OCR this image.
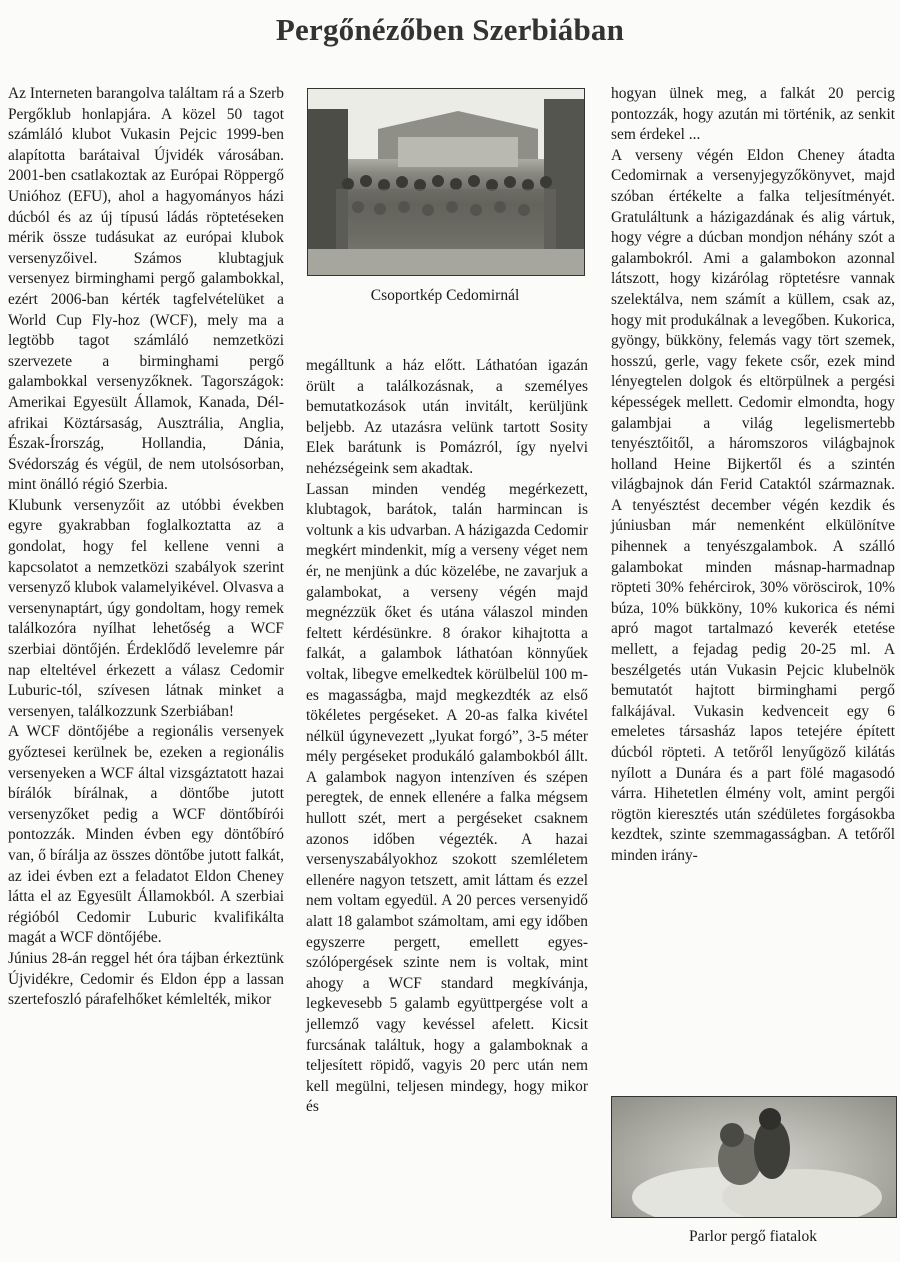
Pergőnézőben Szerbiában

Az Interneten barangolva találtam rá a Szerb Pergőklub honlapjára. A közel 50 tagot számláló klubot Vukasin Pejcic 1999-ben alapította barátaival Újvidék városában. 2001-ben csatlakoztak az Európai Röppergő Unióhoz (EFU), ahol a hagyományos házi dúcból és az új típusú ládás röptetéseken mérik össze tudásukat az európai klubok versenyzőivel. Számos klubtagjuk versenyez birminghami pergő galambokkal, ezért 2006-ban kérték tagfelvételüket a World Cup Fly-hoz (WCF), mely ma a legtöbb tagot számláló nemzetközi szervezete a birminghami pergő galambokkal versenyzőknek. Tagországok: Amerikai Egyesült Államok, Kanada, Dél-afrikai Köztársaság, Ausztrália, Anglia, Észak-Írország, Hollandia, Dánia, Svédország és végül, de nem utolsósorban, mint önálló régió Szerbia.

Klubunk versenyzőit az utóbbi években egyre gyakrabban foglalkoztatta az a gondolat, hogy fel kellene venni a kapcsolatot a nemzetközi szabályok szerint versenyző klubok valamelyikével. Olvasva a versenynaptárt, úgy gondoltam, hogy remek találkozóra nyílhat lehetőség a WCF szerbiai döntőjén. Érdeklődő levelemre pár nap elteltével érkezett a válasz Cedomir Luburic-tól, szívesen látnak minket a versenyen, találkozzunk Szerbiában!

A WCF döntőjébe a regionális versenyek győztesei kerülnek be, ezeken a regionális versenyeken a WCF által vizsgáztatott hazai bírálók bírálnak, a döntőbe jutott versenyzőket pedig a WCF döntőbírói pontozzák. Minden évben egy döntőbíró van, ő bírálja az összes döntőbe jutott falkát, az idei évben ezt a feladatot Eldon Cheney látta el az Egyesült Államokból. A szerbiai régióból Cedomir Luburic kvalifikálta magát a WCF döntőjébe.

Június 28-án reggel hét óra tájban érkeztünk Újvidékre, Cedomir és Eldon épp a lassan szertefoszló párafelhőket kémlelték, mikor

Csoportkép Cedomirnál

megálltunk a ház előtt. Láthatóan igazán örült a találkozásnak, a személyes bemutatkozások után invitált, kerüljünk beljebb. Az utazásra velünk tartott Sosity Elek barátunk is Pomázról, így nyelvi nehézségeink sem akadtak.

Lassan minden vendég megérkezett, klubtagok, barátok, talán harmincan is voltunk a kis udvarban. A házigazda Cedomir megkért mindenkit, míg a verseny véget nem ér, ne menjünk a dúc közelébe, ne zavarjuk a galambokat, a verseny végén majd megnézzük őket és utána válaszol minden feltett kérdésünkre. 8 órakor kihajtotta a falkát, a galambok láthatóan könnyűek voltak, libegve emelkedtek körülbelül 100 m-es magasságba, majd megkezdték az első tökéletes pergéseket. A 20-as falka kivétel nélkül úgynevezett „lyukat forgó”, 3-5 méter mély pergéseket produkáló galambokból állt. A galambok nagyon intenzíven és szépen peregtek, de ennek ellenére a falka mégsem hullott szét, mert a pergéseket csaknem azonos időben végezték. A hazai versenyszabályokhoz szokott szemléletem ellenére nagyon tetszett, amit láttam és ezzel nem voltam egyedül. A 20 perces versenyidő alatt 18 galambot számoltam, ami egy időben egyszerre pergett, emellett egyes-szólópergések szinte nem is voltak, mint ahogy a WCF standard megkívánja, legkevesebb 5 galamb együttpergése volt a jellemző vagy kevéssel afelett. Kicsit furcsának találtuk, hogy a galamboknak a teljesített röpidő, vagyis 20 perc után nem kell megülni, teljesen mindegy, hogy mikor és

hogyan ülnek meg, a falkát 20 percig pontozzák, hogy azután mi történik, az senkit sem érdekel ...

A verseny végén Eldon Cheney átadta Cedomirnak a versenyjegyzőkönyvet, majd szóban értékelte a falka teljesítményét. Gratuláltunk a házigazdának és alig vártuk, hogy végre a dúcban mondjon néhány szót a galambokról. Ami a galambokon azonnal látszott, hogy kizárólag röptetésre vannak szelektálva, nem számít a küllem, csak az, hogy mit produkálnak a levegőben. Kukorica, gyöngy, bükköny, felemás vagy tört szemek, hosszú, gerle, vagy fekete csőr, ezek mind lényegtelen dolgok és eltörpülnek a pergési képességek mellett. Cedomir elmondta, hogy galambjai a világ legelismertebb tenyésztőitől, a háromszoros világbajnok holland Heine Bijkertől és a szintén világbajnok dán Ferid Cataktól származnak. A tenyésztést december végén kezdik és júniusban már nemenként elkülönítve pihennek a tenyészgalambok. A szálló galambokat minden másnap-harmadnap röpteti 30% fehércirok, 30% vöröscirok, 10% búza, 10% bükköny, 10% kukorica és némi apró magot tartalmazó keverék etetése mellett, a fejadag pedig 20-25 ml. A beszélgetés után Vukasin Pejcic klubelnök bemutatót hajtott birminghami pergő falkájával. Vukasin kedvenceit egy 6 emeletes társasház lapos tetejére épített dúcból röpteti. A tetőről lenyűgöző kilátás nyílott a Dunára és a part fölé magasodó várra. Hihetetlen élmény volt, amint pergői rögtön kieresztés után szédületes forgásokba kezdtek, szinte szemmagasságban. A tetőről minden irány-

Parlor pergő fiatalok
